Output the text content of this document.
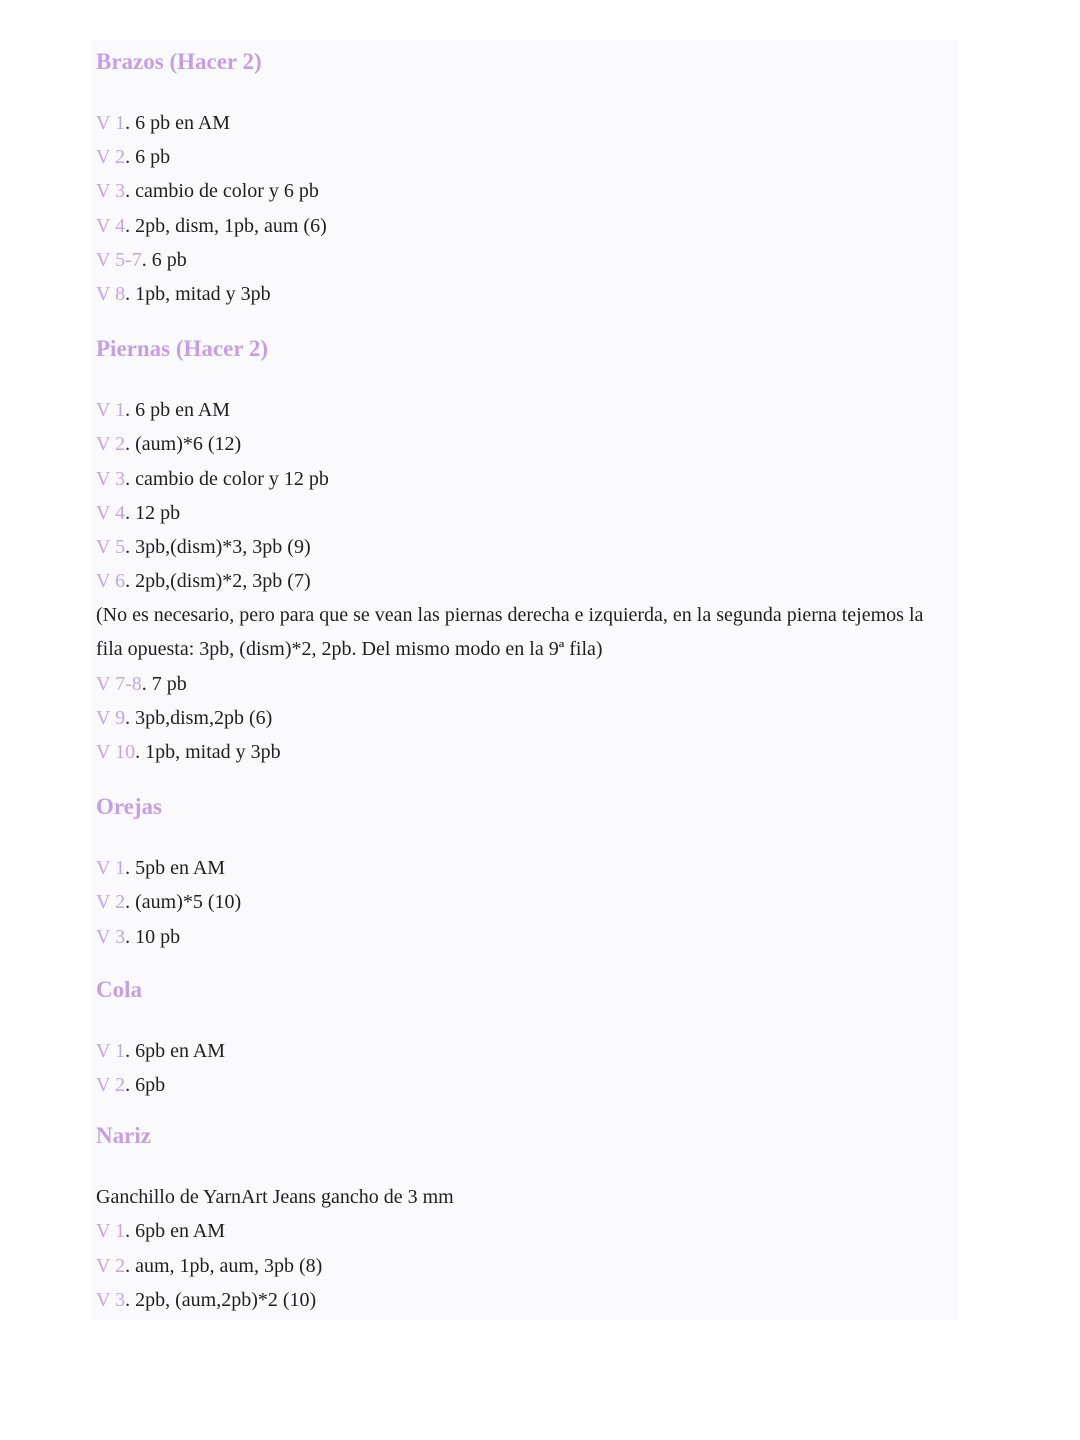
Brazos (Hacer 2)
V 1. 6 pb en AM
V 2. 6 pb
V 3. cambio de color y 6 pb
V 4. 2pb, dism, 1pb, aum (6)
V 5-7. 6 pb
V 8. 1pb, mitad y 3pb
Piernas (Hacer 2)
V 1. 6 pb en AM
V 2. (aum)*6 (12)
V 3. cambio de color y 12 pb
V 4. 12 pb
V 5. 3pb,(dism)*3, 3pb (9)
V 6. 2pb,(dism)*2, 3pb (7)
(No es necesario, pero para que se vean las piernas derecha e izquierda, en la segunda pierna tejemos la fila opuesta: 3pb, (dism)*2, 2pb. Del mismo modo en la 9ª fila)
V 7-8. 7 pb
V 9. 3pb,dism,2pb (6)
V 10. 1pb, mitad y 3pb
Orejas
V 1. 5pb en AM
V 2. (aum)*5 (10)
V 3. 10 pb
Cola
V 1. 6pb en AM
V 2. 6pb
Nariz
Ganchillo de YarnArt Jeans gancho de 3 mm
V 1. 6pb en AM
V 2. aum, 1pb, aum, 3pb (8)
V 3. 2pb, (aum,2pb)*2 (10)
